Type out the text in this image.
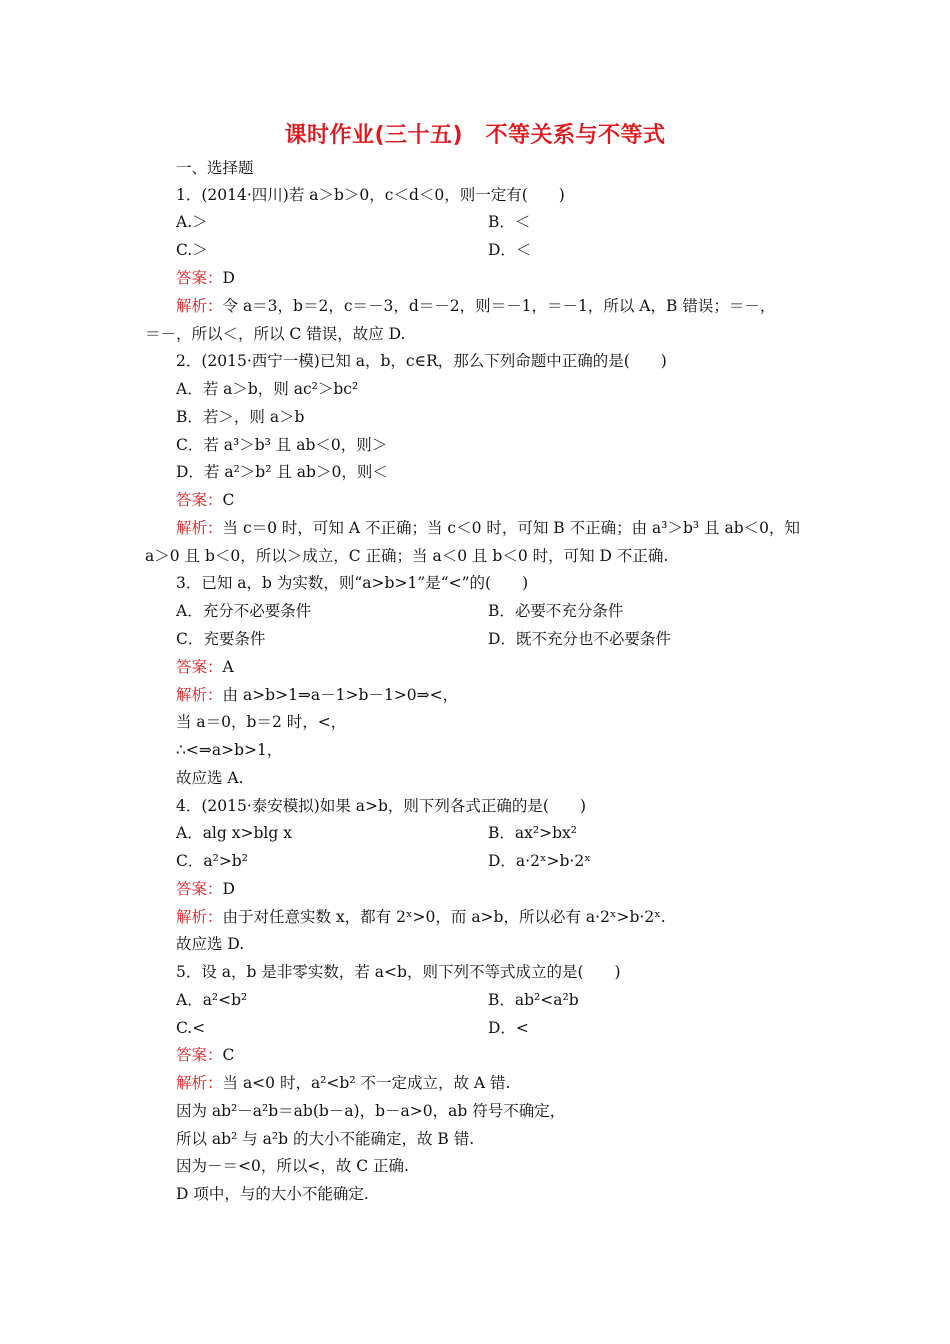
课时作业(三十五)　不等关系与不等式
一、选择题
1．(2014·四川)若 a＞b＞0，c＜d＜0，则一定有(　　)
A.＞	B．＜
C.＞	D．＜
答案：D
解析：令 a＝3，b＝2，c＝－3，d＝－2，则＝－1，＝－1，所以 A，B 错误；＝－，
＝－，所以＜，所以 C 错误，故应 D.
2．(2015·西宁一模)已知 a，b，c∈R，那么下列命题中正确的是(　　)
A．若 a＞b，则 ac²＞bc²
B．若＞，则 a＞b
C．若 a³＞b³ 且 ab＜0，则＞
D．若 a²＞b² 且 ab＞0，则＜
答案：C
解析：当 c＝0 时，可知 A 不正确；当 c＜0 时，可知 B 不正确；由 a³＞b³ 且 ab＜0，知
a＞0 且 b＜0，所以＞成立，C 正确；当 a＜0 且 b＜0 时，可知 D 不正确.
3．已知 a，b 为实数，则“a>b>1”是“<”的(　　)
A．充分不必要条件	B．必要不充分条件
C．充要条件	D．既不充分也不必要条件
答案：A
解析：由 a>b>1⇒a－1>b－1>0⇒<，
当 a＝0，b＝2 时，<，
∴<⇒a>b>1，
故应选 A.
4．(2015·泰安模拟)如果 a>b，则下列各式正确的是(　　)
A．alg x>blg x	B．ax²>bx²
C．a²>b²	D．a·2ˣ>b·2ˣ
答案：D
解析：由于对任意实数 x，都有 2ˣ>0，而 a>b，所以必有 a·2ˣ>b·2ˣ.
故应选 D.
5．设 a，b 是非零实数，若 a<b，则下列不等式成立的是(　　)
A．a²<b²	B．ab²<a²b
C.<	D．<
答案：C
解析：当 a<0 时，a²<b² 不一定成立，故 A 错.
因为 ab²－a²b＝ab(b－a)，b－a>0，ab 符号不确定，
所以 ab² 与 a²b 的大小不能确定，故 B 错.
因为－＝<0，所以<，故 C 正确.
D 项中，与的大小不能确定.
